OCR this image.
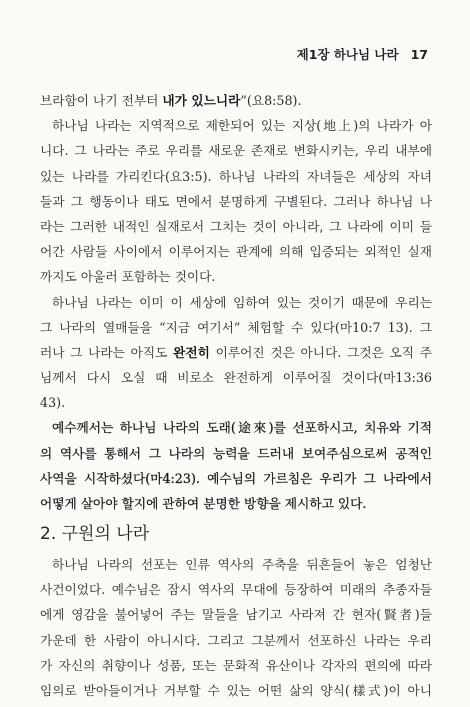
제1장 하나님 나라 17
브라함이 나기 전부터 내가 있느니라”(요8:58).
하나님 나라는 지역적으로 제한되어 있는 지상(地上)의 나라가 아
니다. 그 나라는 주로 우리를 새로운 존재로 변화시키는, 우리 내부에
있는 나라를 가리킨다(요3:5). 하나님 나라의 자녀들은 세상의 자녀
들과 그 행동이나 태도 면에서 분명하게 구별된다. 그러나 하나님 나
라는 그러한 내적인 실재로서 그치는 것이 아니라, 그 나라에 이미 들
어간 사람들 사이에서 이루어지는 관계에 의해 입증되는 외적인 실재
까지도 아울러 포함하는 것이다.
하나님 나라는 이미 이 세상에 임하여 있는 것이기 때문에 우리는
그 나라의 열매들을 “지금 여기서” 체험할 수 있다(마10:7 13). 그
러나 그 나라는 아직도 완전히 이루어진 것은 아니다. 그것은 오직 주
님께서 다시 오실 때 비로소 완전하게 이루어질 것이다(마13:36
43).
예수께서는 하나님 나라의 도래(途來)를 선포하시고, 치유와 기적
의 역사를 통해서 그 나라의 능력을 드러내 보여주심으로써 공적인
사역을 시작하셨다(마4:23). 예수님의 가르침은 우리가 그 나라에서
어떻게 살아야 할지에 관하여 분명한 방향을 제시하고 있다.
2. 구원의 나라
하나님 나라의 선포는 인류 역사의 주축을 뒤흔들어 놓은 엄청난
사건이었다. 예수님은 잠시 역사의 무대에 등장하여 미래의 추종자들
에게 영감을 불어넣어 주는 말들을 남기고 사라져 간 현자(賢者)들
가운데 한 사람이 아니시다. 그리고 그분께서 선포하신 나라는 우리
가 자신의 취향이나 성품, 또는 문화적 유산이나 각자의 편의에 따라
임의로 받아들이거나 거부할 수 있는 어떤 삶의 양식(樣式)이 아니
